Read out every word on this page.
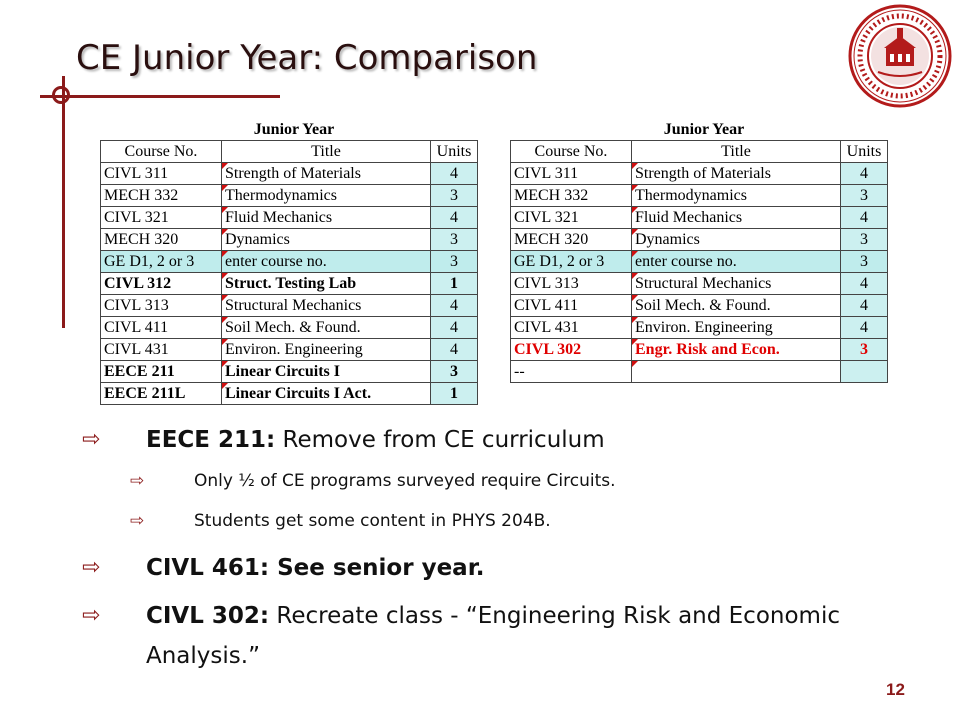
CE Junior Year: Comparison
Junior Year
Course No.	Title	Units
CIVL 311	Strength of Materials	4
MECH 332	Thermodynamics	3
CIVL 321	Fluid Mechanics	4
MECH 320	Dynamics	3
GE D1, 2 or 3	enter course no.	3
CIVL 312	Struct. Testing Lab	1
CIVL 313	Structural Mechanics	4
CIVL 411	Soil Mech. & Found.	4
CIVL 431	Environ. Engineering	4
EECE 211	Linear Circuits I	3
EECE 211L	Linear Circuits I Act.	1
Junior Year
Course No.	Title	Units
CIVL 311	Strength of Materials	4
MECH 332	Thermodynamics	3
CIVL 321	Fluid Mechanics	4
MECH 320	Dynamics	3
GE D1, 2 or 3	enter course no.	3
CIVL 313	Structural Mechanics	4
CIVL 411	Soil Mech. & Found.	4
CIVL 431	Environ. Engineering	4
CIVL 302	Engr. Risk and Econ.	3
--		
⇨ EECE 211: Remove from CE curriculum
⇨	Only ½ of CE programs surveyed require Circuits.
⇨	Students get some content in PHYS 204B.
⇨ CIVL 461: See senior year.
⇨ CIVL 302: Recreate class - “Engineering Risk and Economic Analysis.”
12
